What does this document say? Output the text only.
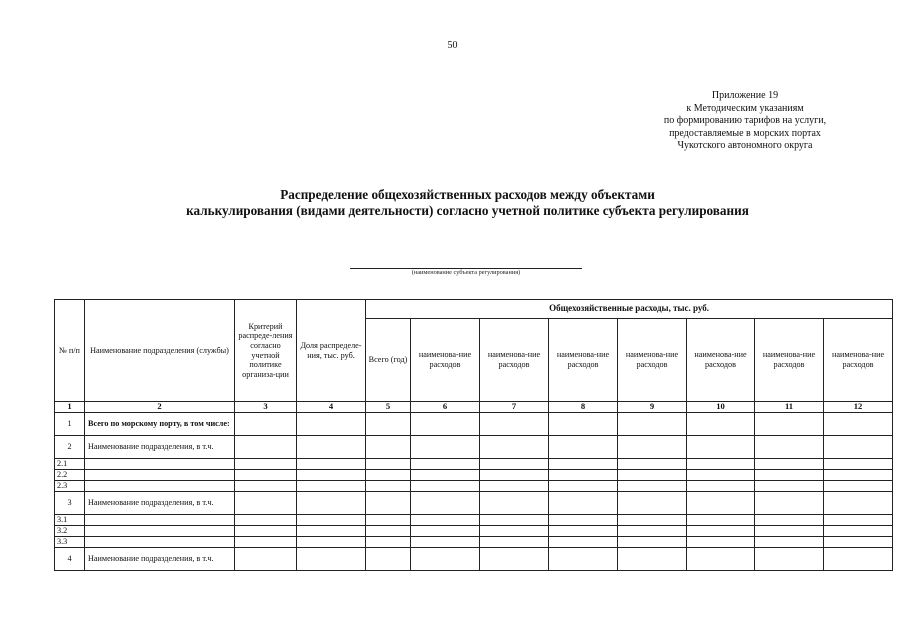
50
Приложение 19
к Методическим указаниям
по формированию тарифов на услуги,
предоставляемые в морских портах
Чукотского автономного округа
Распределение общехозяйственных расходов между объектами
калькулирования (видами деятельности) согласно учетной политике субъекта регулирования
(наименование субъекта регулирования)
№ п/п	Наименование подразделения (службы)	Критерий распреде-ления согласно учетной политике организа-ции	Доля распределе-ния, тыс. руб.	Общехозяйственные расходы, тыс. руб.							
				Всего (год)	наименова-ние расходов	наименова-ние расходов	наименова-ние расходов	наименова-ние расходов	наименова-ние расходов	наименова-ние расходов	наименова-ние расходов
1	2	3	4	5	6	7	8	9	10	11	12
1	Всего по морскому порту, в том числе:										
2	Наименование подразделения, в т.ч.										
2.1											
2.2											
2.3											
3	Наименование подразделения, в т.ч.										
3.1											
3.2											
3.3											
4	Наименование подразделения, в т.ч.										
